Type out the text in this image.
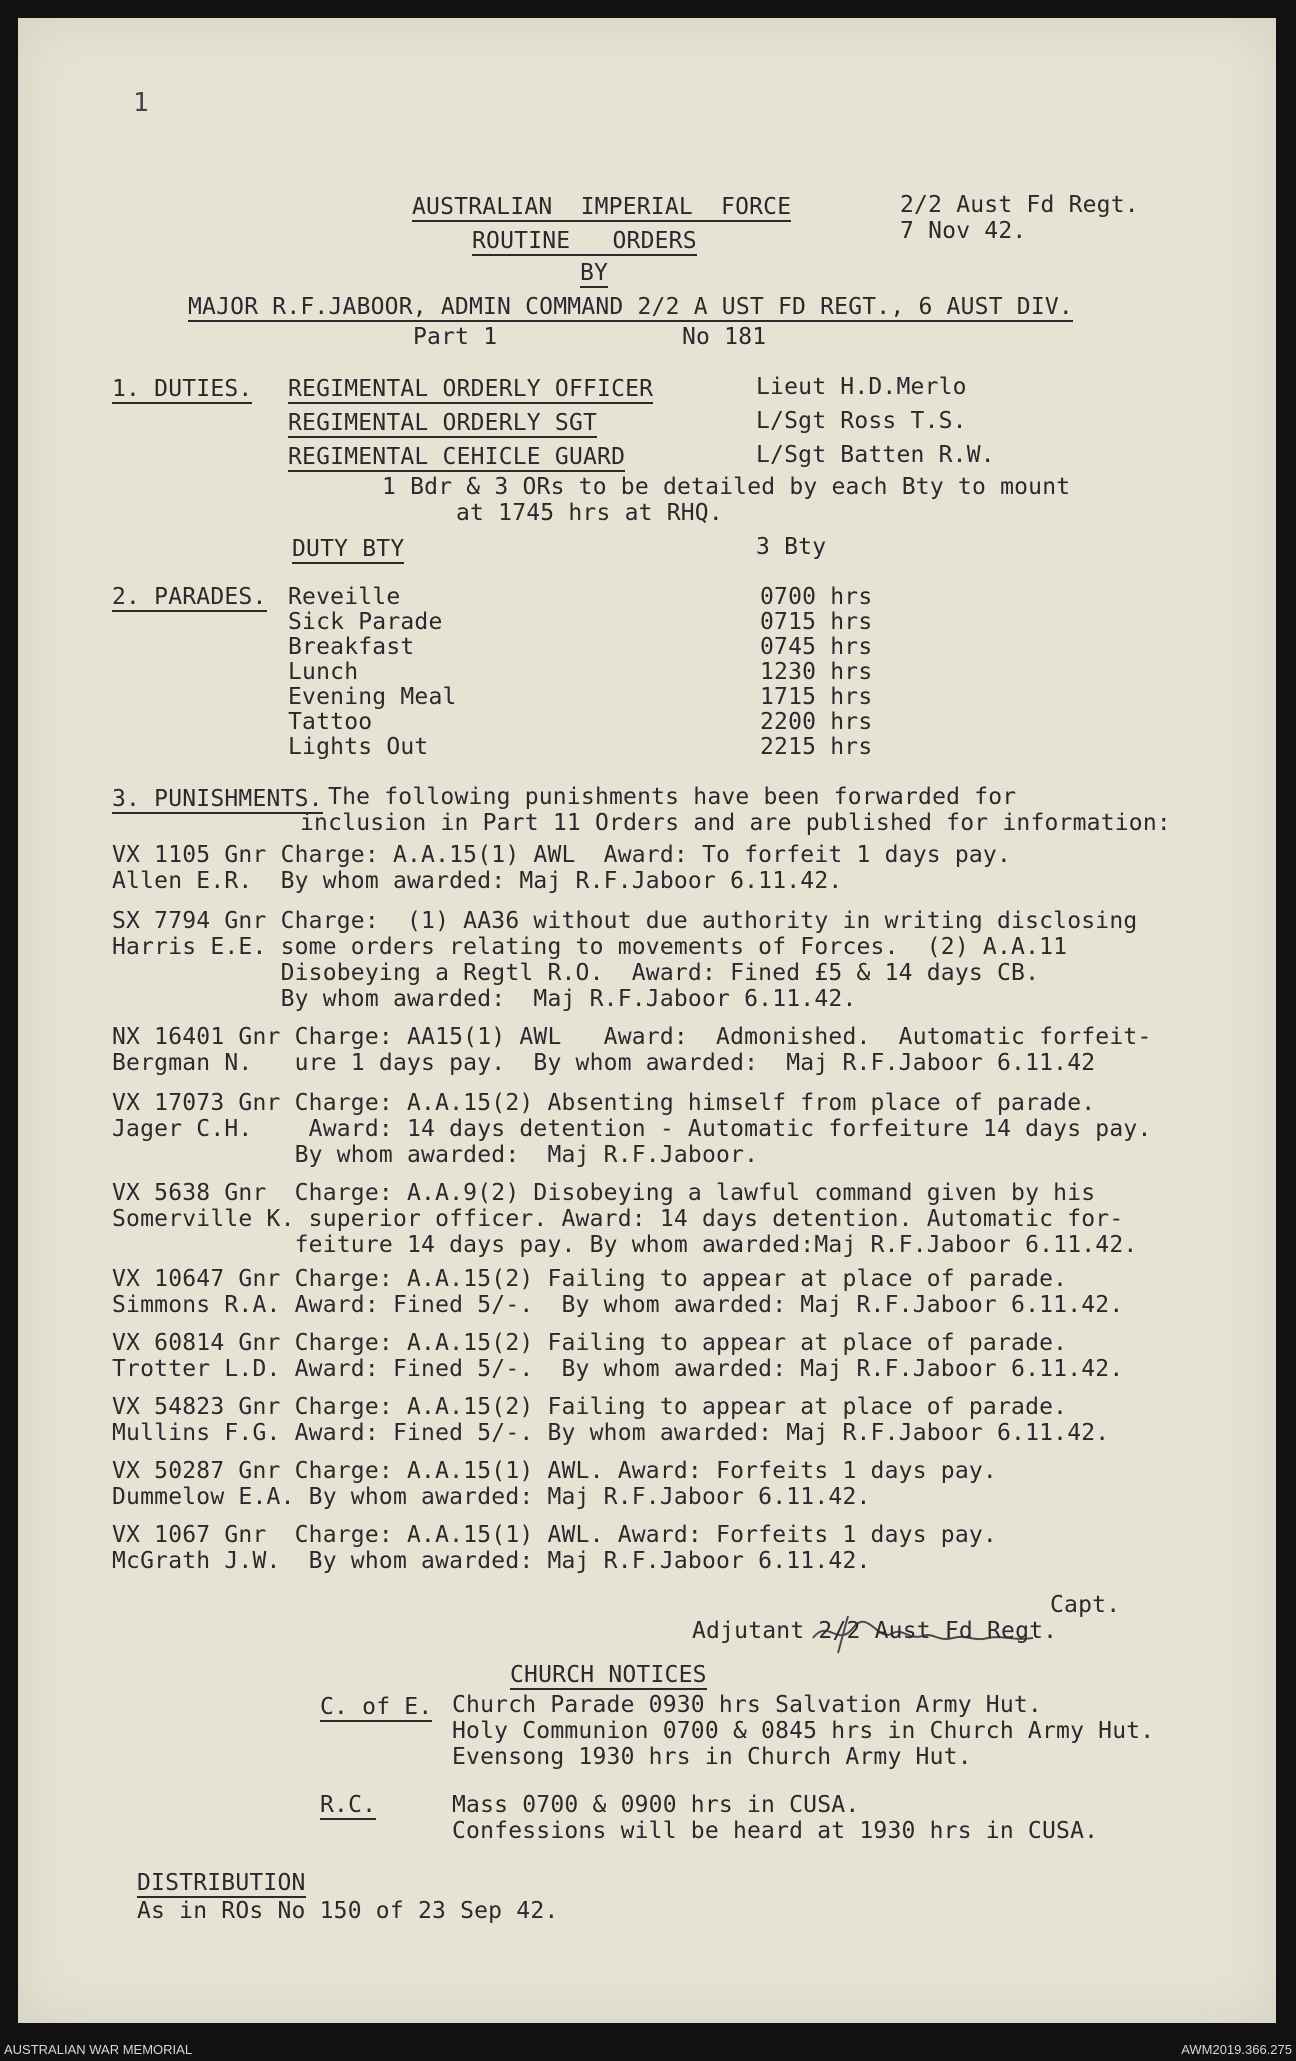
1
AUSTRALIAN  IMPERIAL  FORCE
ROUTINE   ORDERS
BY
2/2 Aust Fd Regt.
7 Nov 42.
MAJOR R.F.JABOOR, ADMIN COMMAND 2/2 A UST FD REGT., 6 AUST DIV.
Part 1	No 181
1. DUTIES. REGIMENTAL ORDERLY OFFICER	Lieut H.D.Merlo
REGIMENTAL ORDERLY SGT	L/Sgt Ross T.S.
REGIMENTAL CEHICLE GUARD	L/Sgt Batten R.W.
1 Bdr & 3 ORs to be detailed by each Bty to mount
at 1745 hrs at RHQ.
DUTY BTY	3 Bty
2. PARADES. Reveille	0700 hrs
Sick Parade	0715 hrs
Breakfast	0745 hrs
Lunch	1230 hrs
Evening Meal	1715 hrs
Tattoo	2200 hrs
Lights Out	2215 hrs
3. PUNISHMENTS.
The following punishments have been forwarded for
inclusion in Part 11 Orders and are published for information:
VX 1105 Gnr Charge: A.A.15(1) AWL  Award: To forfeit 1 days pay.
Allen E.R.  By whom awarded: Maj R.F.Jaboor 6.11.42.
SX 7794 Gnr Charge:  (1) AA36 without due authority in writing disclosing
Harris E.E. some orders relating to movements of Forces.  (2) A.A.11
Disobeying a Regtl R.O.  Award: Fined £5 & 14 days CB.
By whom awarded:  Maj R.F.Jaboor 6.11.42.
NX 16401 Gnr Charge: AA15(1) AWL   Award:  Admonished.  Automatic forfeit-
Bergman N.   ure 1 days pay.  By whom awarded:  Maj R.F.Jaboor 6.11.42
VX 17073 Gnr Charge: A.A.15(2) Absenting himself from place of parade.
Jager C.H.    Award: 14 days detention - Automatic forfeiture 14 days pay.
By whom awarded:  Maj R.F.Jaboor.
VX 5638 Gnr  Charge: A.A.9(2) Disobeying a lawful command given by his
Somerville K. superior officer. Award: 14 days detention. Automatic for-
feiture 14 days pay. By whom awarded:Maj R.F.Jaboor 6.11.42.
VX 10647 Gnr Charge: A.A.15(2) Failing to appear at place of parade.
Simmons R.A. Award: Fined 5/-.  By whom awarded: Maj R.F.Jaboor 6.11.42.
VX 60814 Gnr Charge: A.A.15(2) Failing to appear at place of parade.
Trotter L.D. Award: Fined 5/-.  By whom awarded: Maj R.F.Jaboor 6.11.42.
VX 54823 Gnr Charge: A.A.15(2) Failing to appear at place of parade.
Mullins F.G. Award: Fined 5/-. By whom awarded: Maj R.F.Jaboor 6.11.42.
VX 50287 Gnr Charge: A.A.15(1) AWL. Award: Forfeits 1 days pay.
Dummelow E.A. By whom awarded: Maj R.F.Jaboor 6.11.42.
VX 1067 Gnr  Charge: A.A.15(1) AWL. Award: Forfeits 1 days pay.
McGrath J.W.  By whom awarded: Maj R.F.Jaboor 6.11.42.
Capt.
Adjutant 2/2 Aust Fd Regt.
CHURCH NOTICES
C. of E. Church Parade 0930 hrs Salvation Army Hut.
Holy Communion 0700 & 0845 hrs in Church Army Hut.
Evensong 1930 hrs in Church Army Hut.
R.C.	Mass 0700 & 0900 hrs in CUSA.
Confessions will be heard at 1930 hrs in CUSA.
DISTRIBUTION
As in ROs No 150 of 23 Sep 42.
AUSTRALIAN WAR MEMORIAL	AWM2019.366.275
